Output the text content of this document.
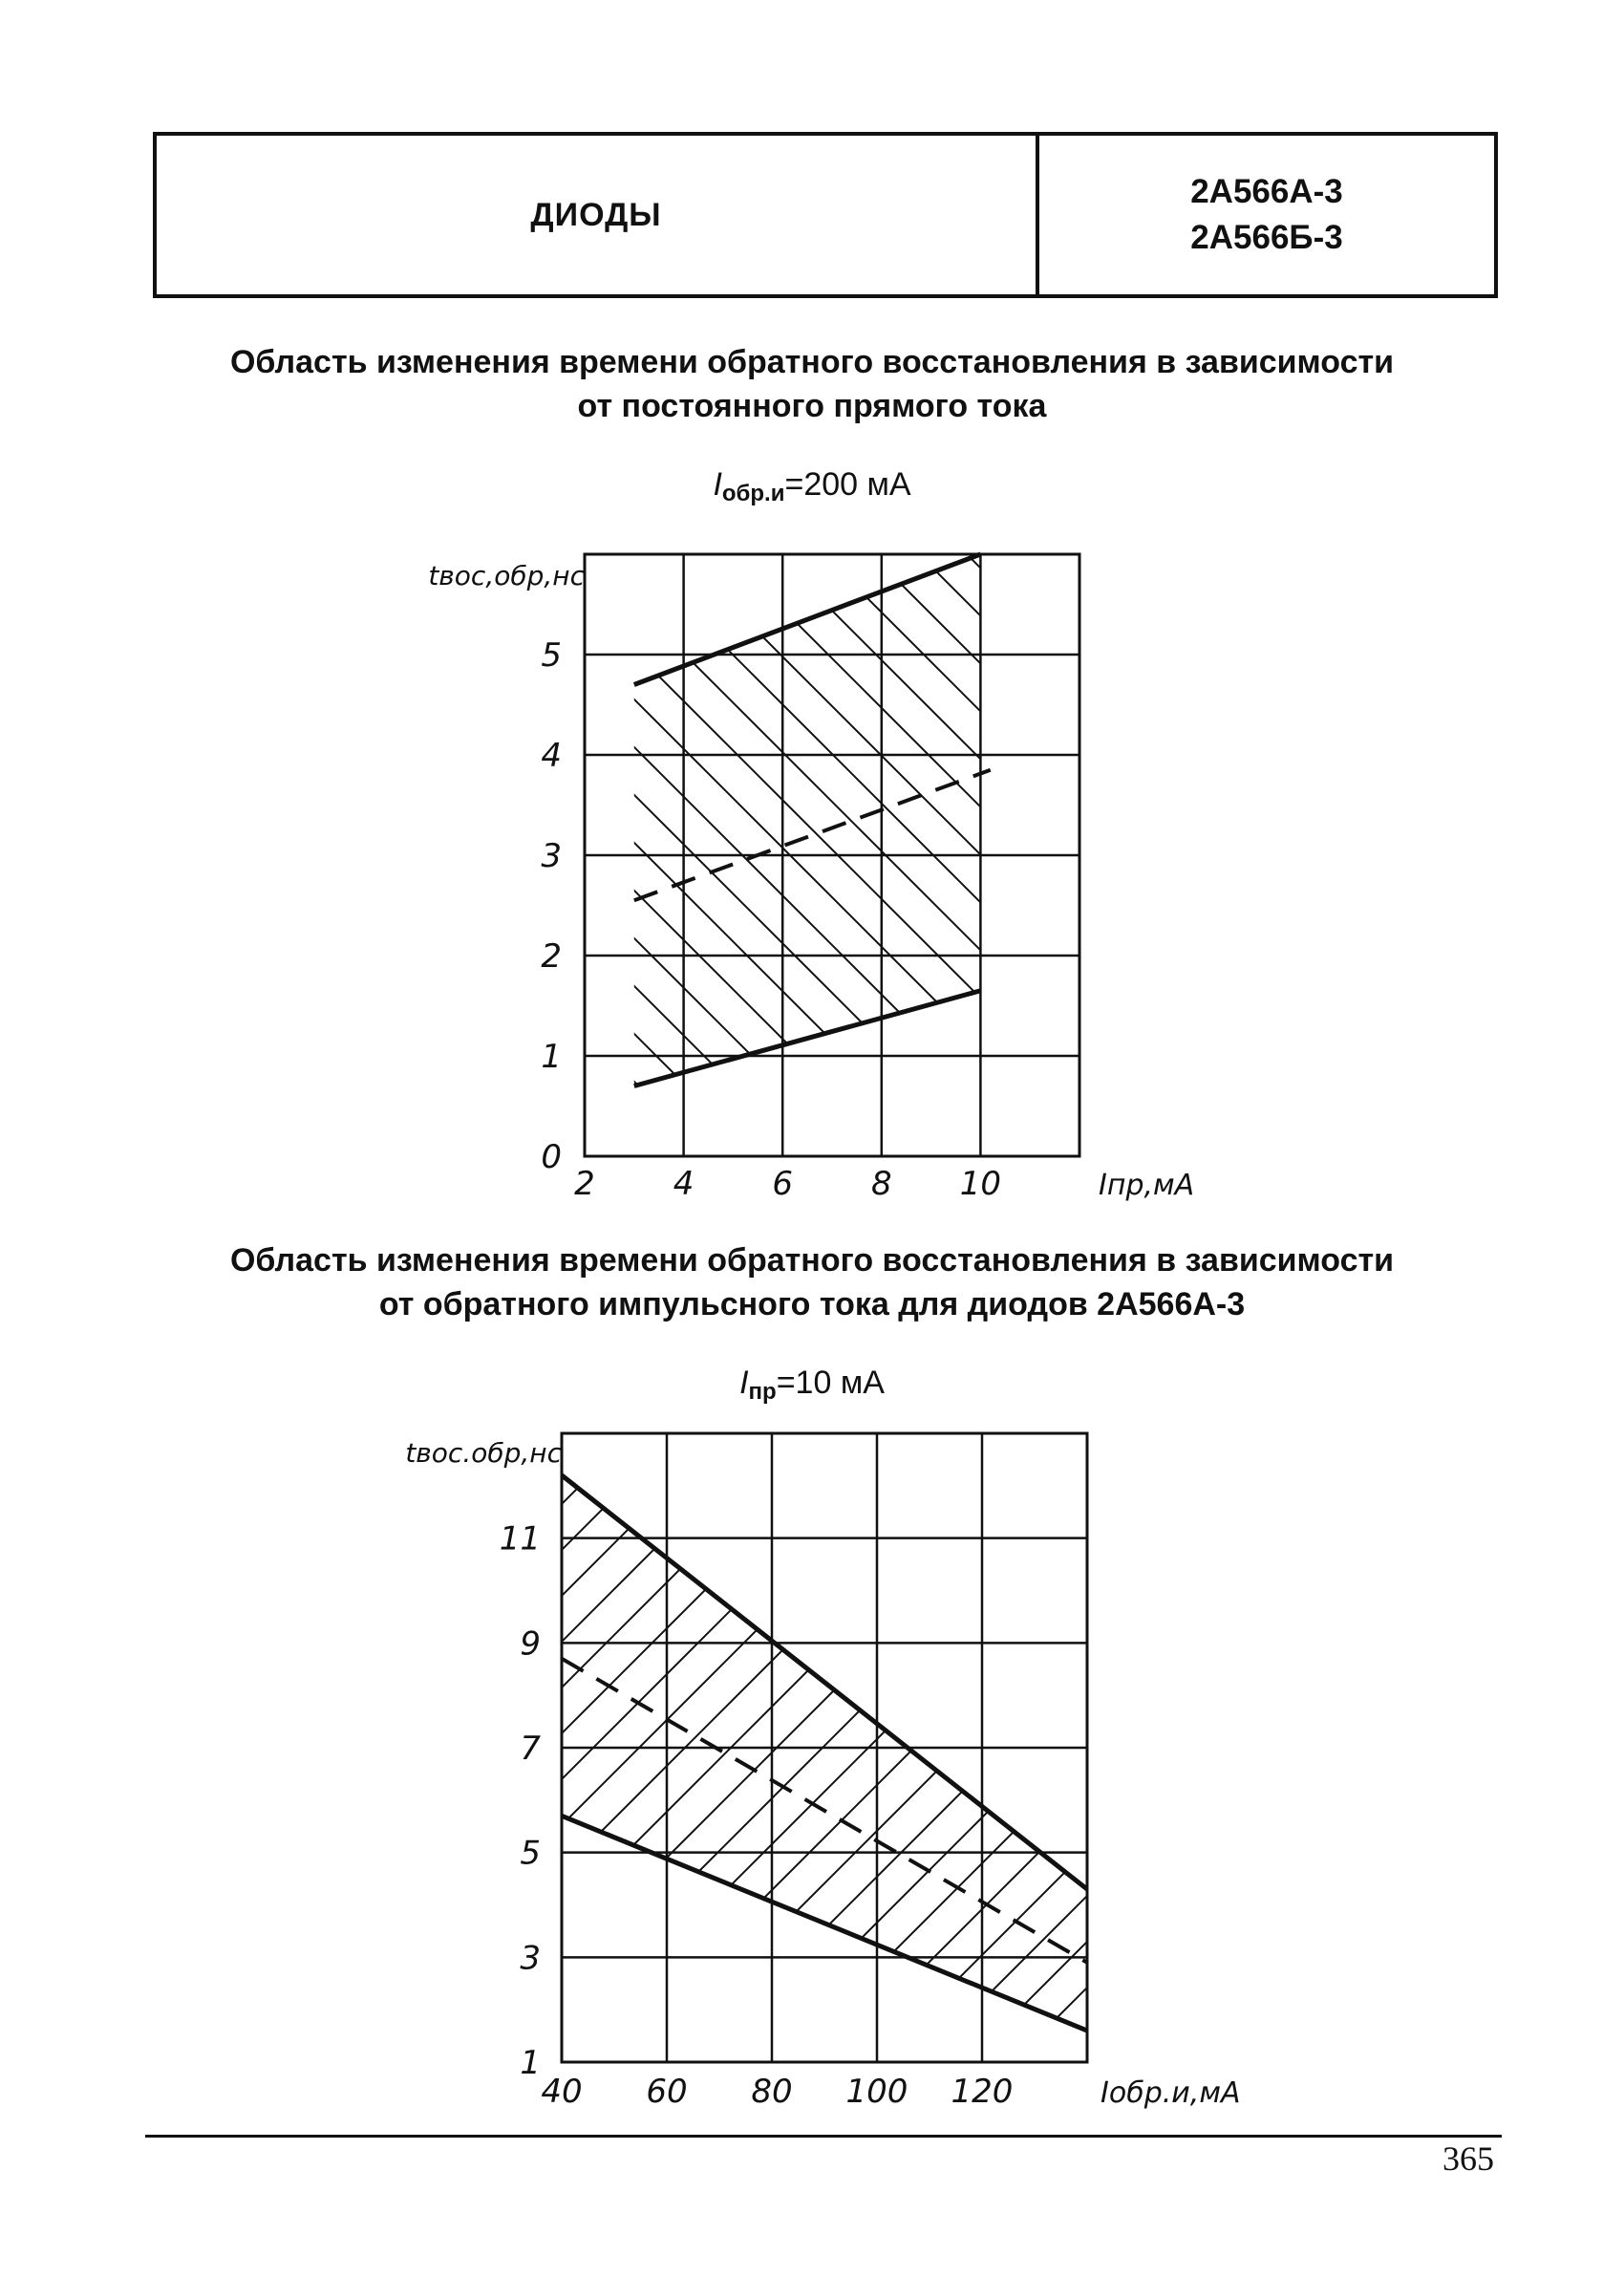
ДИОДЫ
2А566А-3
2А566Б-3
Область изменения времени обратного восстановления в зависимости
от постоянного прямого тока
$I_{обр.и}=200$ мА
Область изменения времени обратного восстановления в зависимости
от обратного импульсного тока для диодов 2А566А-3
$I_{пр}=10$ мА
2 4 6 8 10
0
1
2
3
4
5
tвос,обр,нс
Iпр,мА
40 60 80 100 120
1
3
5
7
9
11
tвос.обр,нс
Iобр.и,мА
365
